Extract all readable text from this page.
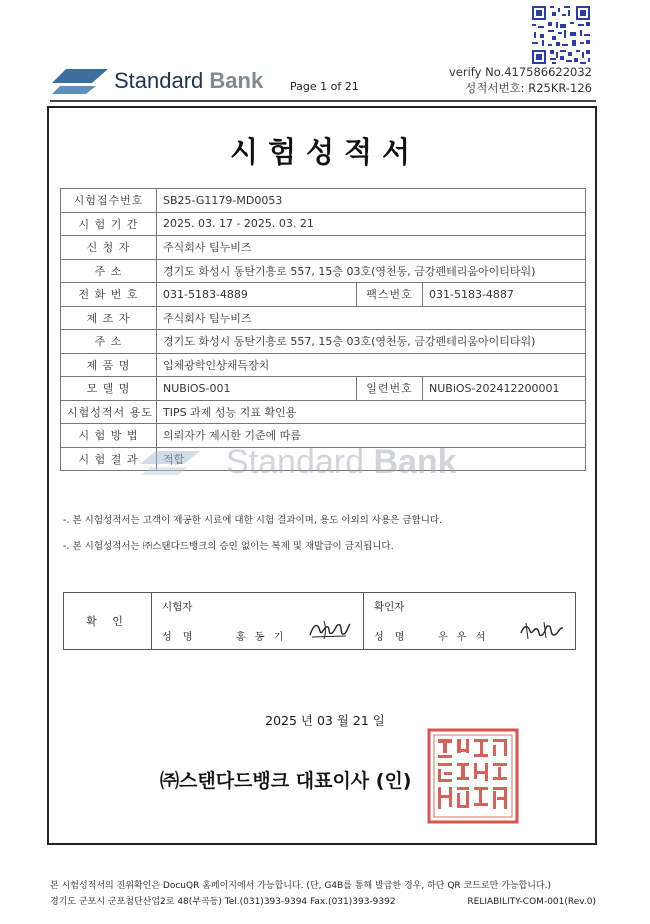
Standard Bank Page 1 of 21
verify No.417586622032
성적서번호: R25KR-126
시험성적서
시험접수번호	SB25-G1179-MD0053		
시 험 기 간	2025. 03. 17 - 2025. 03. 21		
신 청 자	주식회사 팀누비즈		
주 소	경기도 화성시 동탄기흥로 557, 15층 03호(영천동, 금강펜테리움아이티타워)		
전 화 번 호	031-5183-4889	팩스번호	031-5183-4887
제 조 자	주식회사 팀누비즈		
주 소	경기도 화성시 동탄기흥로 557, 15층 03호(영천동, 금강펜테리움아이티타워)		
제 품 명	입체광학인상채득장치		
모 델 명	NUBiOS-001	일련번호	NUBiOS-202412200001
시험성적서 용도	TIPS 과제 성능 지표 확인용		
시 험 방 법	의뢰자가 제시한 기준에 따름		
시 험 결 과	적합		Standard Bank
-. 본 시험성적서는 고객이 제공한 시료에 대한 시험 결과이며, 용도 이외의 사용은 금합니다.
-. 본 시험성적서는 ㈜스탠다드뱅크의 승인 없이는 복제 및 재발급이 금지됩니다.
확 인	
시험자
성 명	홍 동 기

확인자
성 명	우 우 석
2025 년 03 월 21 일
㈜스탠다드뱅크 대표이사 (인)
본 시험성적서의 진위확인은 DocuQR 홈페이지에서 가능합니다. (단, G4B를 통해 발급한 경우, 하단 QR 코드로만 가능합니다.)
경기도 군포시 군포첨단산업2로 48(부곡동) Tel.(031)393-9394 Fax.(031)393-9392	RELIABILITY-COM-001(Rev.0)
